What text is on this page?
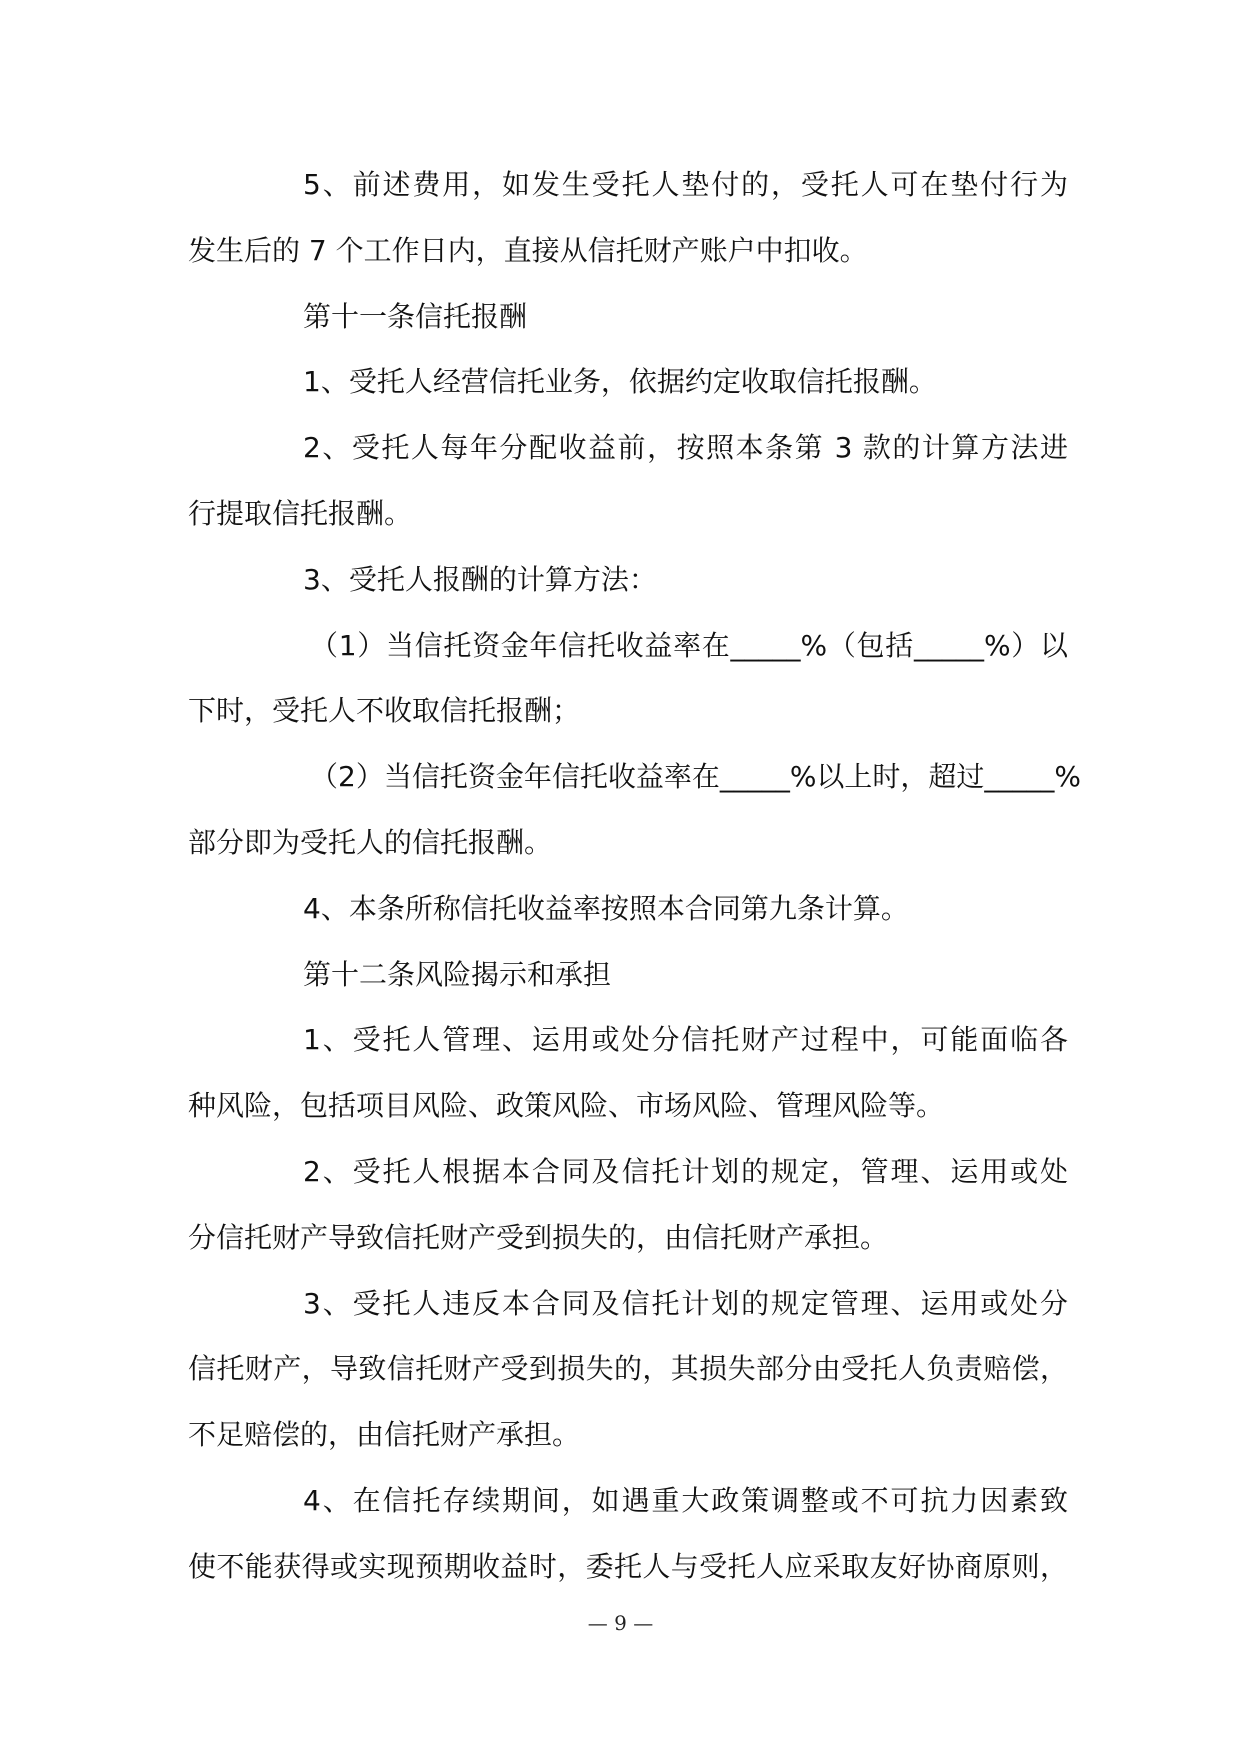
5、前述费用，如发生受托人垫付的，受托人可在垫付行为
发生后的 7 个工作日内，直接从信托财产账户中扣收。
第十一条信托报酬
1、受托人经营信托业务，依据约定收取信托报酬。
2、受托人每年分配收益前，按照本条第 3 款的计算方法进
行提取信托报酬。
3、受托人报酬的计算方法：
（1）当信托资金年信托收益率在_____%（包括_____%）以
下时，受托人不收取信托报酬；
（2）当信托资金年信托收益率在_____%以上时，超过_____%
部分即为受托人的信托报酬。
4、本条所称信托收益率按照本合同第九条计算。
第十二条风险揭示和承担
1、受托人管理、运用或处分信托财产过程中，可能面临各
种风险，包括项目风险、政策风险、市场风险、管理风险等。
2、受托人根据本合同及信托计划的规定，管理、运用或处
分信托财产导致信托财产受到损失的，由信托财产承担。
3、受托人违反本合同及信托计划的规定管理、运用或处分
信托财产，导致信托财产受到损失的，其损失部分由受托人负责赔偿，
不足赔偿的，由信托财产承担。
4、在信托存续期间，如遇重大政策调整或不可抗力因素致
使不能获得或实现预期收益时，委托人与受托人应采取友好协商原则，
— 9 —
